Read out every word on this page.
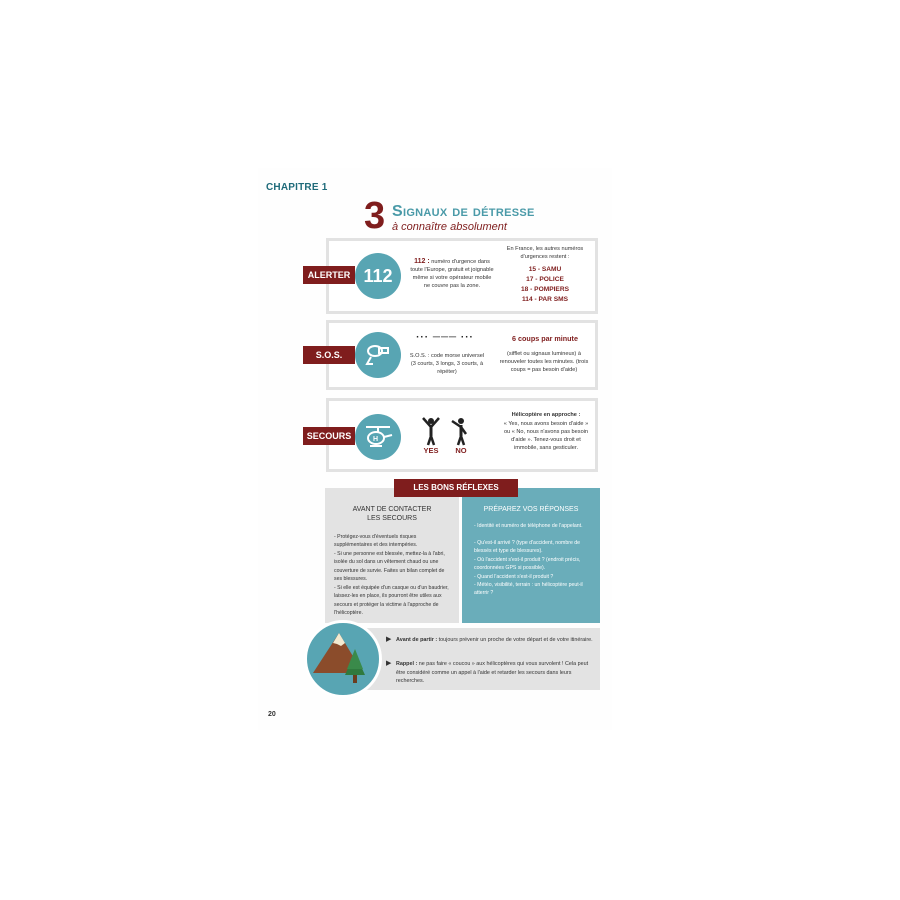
CHAPITRE 1
3 Signaux de détresse
à connaître absolument
ALERTER 112
112 : numéro d'urgence dans toute l'Europe, gratuit et joignable même si votre opérateur mobile ne couvre pas la zone.
En France, les autres numéros d'urgences restent :
15 - SAMU
17 - POLICE
18 - POMPIERS
114 - PAR SMS
S.O.S.
··· ─── ···
S.O.S. : code morse universel (3 courts, 3 longs, 3 courts, à répéter)
6 coups par minute
(sifflet ou signaux lumineux) à renouveler toutes les minutes. (trois coups = pas besoin d'aide)
SECOURS	H
YES	NO
Hélicoptère en approche :
« Yes, nous avons besoin d'aide » ou « No, nous n'avons pas besoin d'aide ». Tenez-vous droit et immobile, sans gesticuler.
LES BONS RÉFLEXES
AVANT DE CONTACTER LES SECOURS
- Protégez-vous d'éventuels risques supplémentaires et des intempéries.
- Si une personne est blessée, mettez-la à l'abri, isolée du sol dans un vêtement chaud ou une couverture de survie. Faites un bilan complet de ses blessures.
- Si elle est équipée d'un casque ou d'un baudrier, laissez-les en place, ils pourront être utiles aux secours et protéger la victime à l'approche de l'hélicoptère.
PRÉPAREZ VOS RÉPONSES
- Identité et numéro de téléphone de l'appelant.
- Qu'est-il arrivé ? (type d'accident, nombre de blessés et type de blessures).
- Où l'accident s'est-il produit ? (endroit précis, coordonnées GPS si possible).
- Quand l'accident s'est-il produit ?
- Météo, visibilité, terrain : un hélicoptère peut-il atterrir ?
▶ Avant de partir : toujours prévenir un proche de votre départ et de votre itinéraire.
▶ Rappel : ne pas faire « coucou » aux hélicoptères qui vous survolent ! Cela peut être considéré comme un appel à l'aide et retarder les secours dans leurs recherches.
20
